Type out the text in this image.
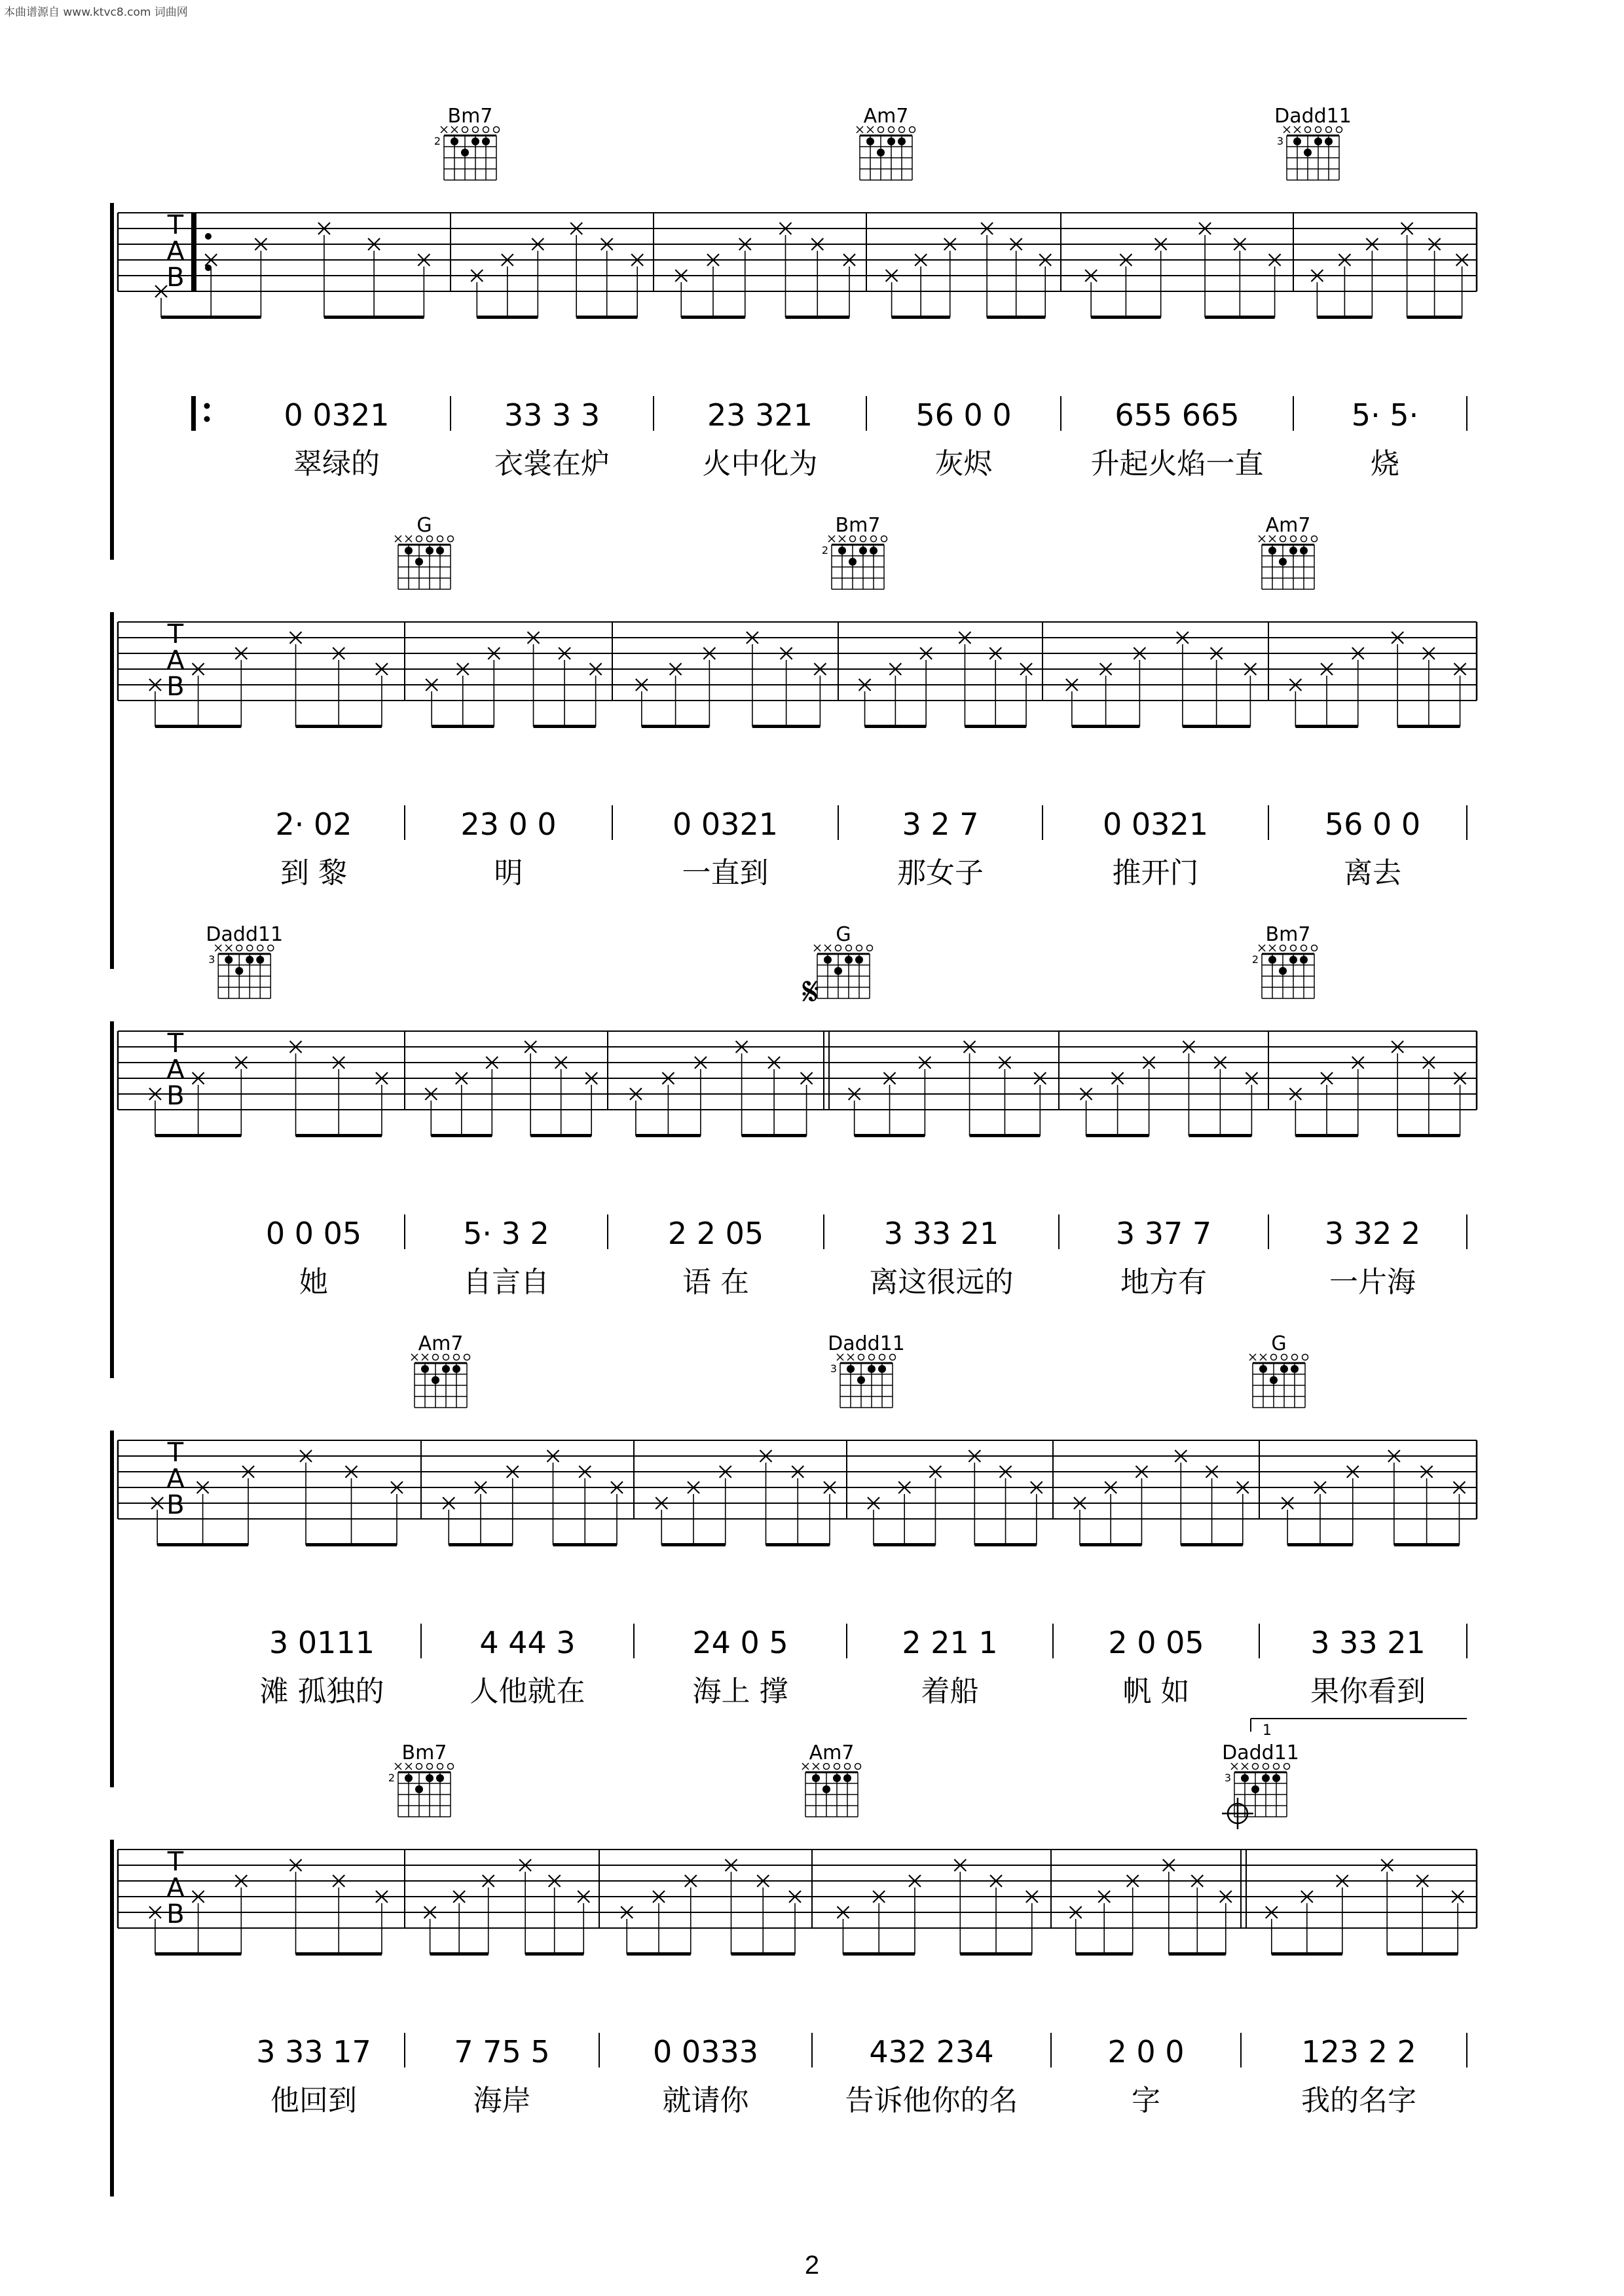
本曲谱源自 www.ktvc8.com 词曲网
T
A
B
Bm7
2
Am7	Dadd11
3
0 0321
翠绿的
33 3 3
衣裳在炉
23 321
火中化为
56 0 0
灰烬
655 665
升起火焰一直
5· 5·
烧
T
A
B
G	Bm7
2
Am7
2· 02
到 黎
23 0 0
明
0 0321
一直到
3 2 7
那女子
0 0321
推开门
56 0 0
离去
T
A
B
Dadd11
3
G	Bm7
2
𝄋
0 0 05
她
5· 3 2
自言自
2 2 05
语 在
3 33 21
离这很远的
3 37 7
地方有
3 32 2
一片海
T
A
B
Am7	Dadd11
3
G
3 0111
滩 孤独的
4 44 3
人他就在
24 0 5
海上 撑
2 21 1
着船
2 0 05
帆 如
3 33 21
果你看到
T
A
B
Bm7
2
Am7	Dadd11
3
1
3 33 17
他回到
7 75 5
海岸
0 0333
就请你
432 234
告诉他你的名
2 0 0
字
123 2 2
我的名字
2
